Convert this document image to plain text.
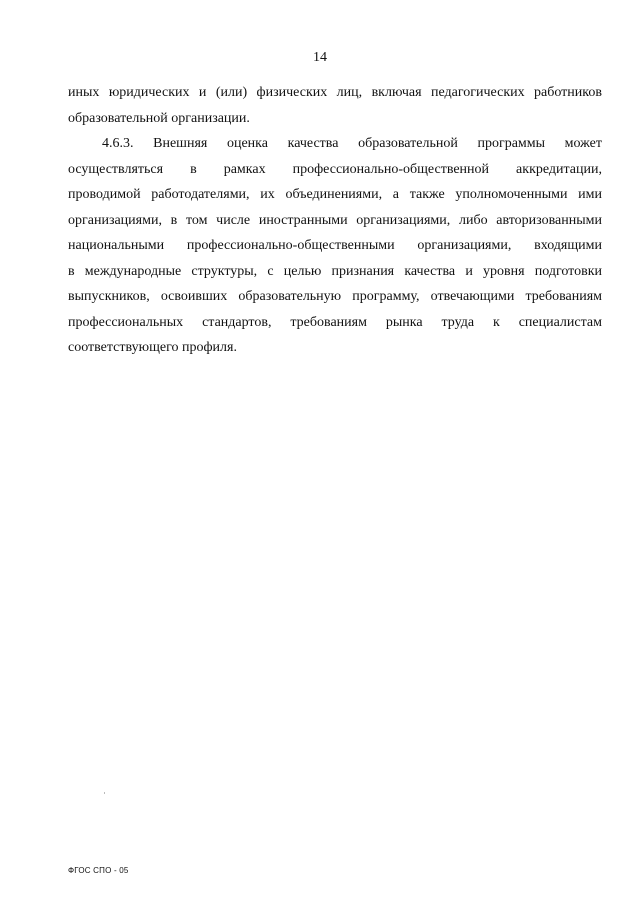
14
иных юридических и (или) физических лиц, включая педагогических работников
образовательной организации.
4.6.3. Внешняя оценка качества образовательной программы может
осуществляться в рамках профессионально-общественной аккредитации,
проводимой работодателями, их объединениями, а также уполномоченными ими
организациями, в том числе иностранными организациями, либо авторизованными
национальными профессионально-общественными организациями, входящими
в международные структуры, с целью признания качества и уровня подготовки
выпускников, освоивших образовательную программу, отвечающими требованиям
профессиональных стандартов, требованиям рынка труда к специалистам
соответствующего профиля.
ФГОС СПО - 05
